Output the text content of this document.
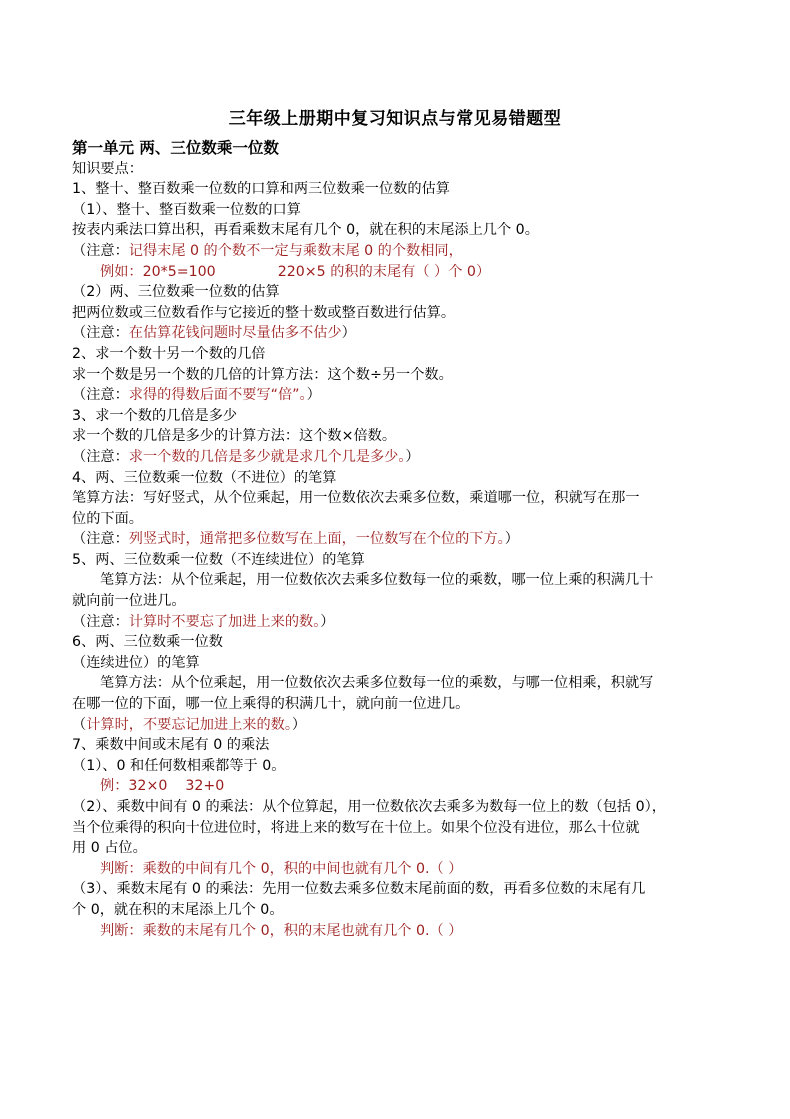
三年级上册期中复习知识点与常见易错题型
第一单元 两、三位数乘一位数
知识要点：
1、整十、整百数乘一位数的口算和两三位数乘一位数的估算
（1）、整十、整百数乘一位数的口算
按表内乘法口算出积，再看乘数末尾有几个 0，就在积的末尾添上几个 0。
（注意：记得末尾 0 的个数不一定与乘数末尾 0 的个数相同，
例如：20*5=100	220×5 的积的末尾有（ ）个 0）
（2）两、三位数乘一位数的估算
把两位数或三位数看作与它接近的整十数或整百数进行估算。
（注意：在估算花钱问题时尽量估多不估少）
2、求一个数十另一个数的几倍
求一个数是另一个数的几倍的计算方法：这个数÷另一个数。
（注意：求得的得数后面不要写“倍”。）
3、求一个数的几倍是多少
求一个数的几倍是多少的计算方法：这个数×倍数。
（注意：求一个数的几倍是多少就是求几个几是多少。）
4、两、三位数乘一位数（不进位）的笔算
笔算方法：写好竖式，从个位乘起，用一位数依次去乘多位数，乘道哪一位，积就写在那一
位的下面。
（注意：列竖式时，通常把多位数写在上面，一位数写在个位的下方。）
5、两、三位数乘一位数（不连续进位）的笔算
笔算方法：从个位乘起，用一位数依次去乘多位数每一位的乘数，哪一位上乘的积满几十
就向前一位进几。
（注意：计算时不要忘了加进上来的数。）
6、两、三位数乘一位数
（连续进位）的笔算
笔算方法：从个位乘起，用一位数依次去乘多位数每一位的乘数，与哪一位相乘，积就写
在哪一位的下面，哪一位上乘得的积满几十，就向前一位进几。
（计算时，不要忘记加进上来的数。）
7、乘数中间或末尾有 0 的乘法
（1）、0 和任何数相乘都等于 0。
例：32×0 32+0
（2）、乘数中间有 0 的乘法：从个位算起，用一位数依次去乘多为数每一位上的数（包括 0），
当个位乘得的积向十位进位时，将进上来的数写在十位上。如果个位没有进位，那么十位就
用 0 占位。
判断：乘数的中间有几个 0，积的中间也就有几个 0.（ ）
（3）、乘数末尾有 0 的乘法：先用一位数去乘多位数末尾前面的数，再看多位数的末尾有几
个 0，就在积的末尾添上几个 0。
判断：乘数的末尾有几个 0，积的末尾也就有几个 0.（ ）
